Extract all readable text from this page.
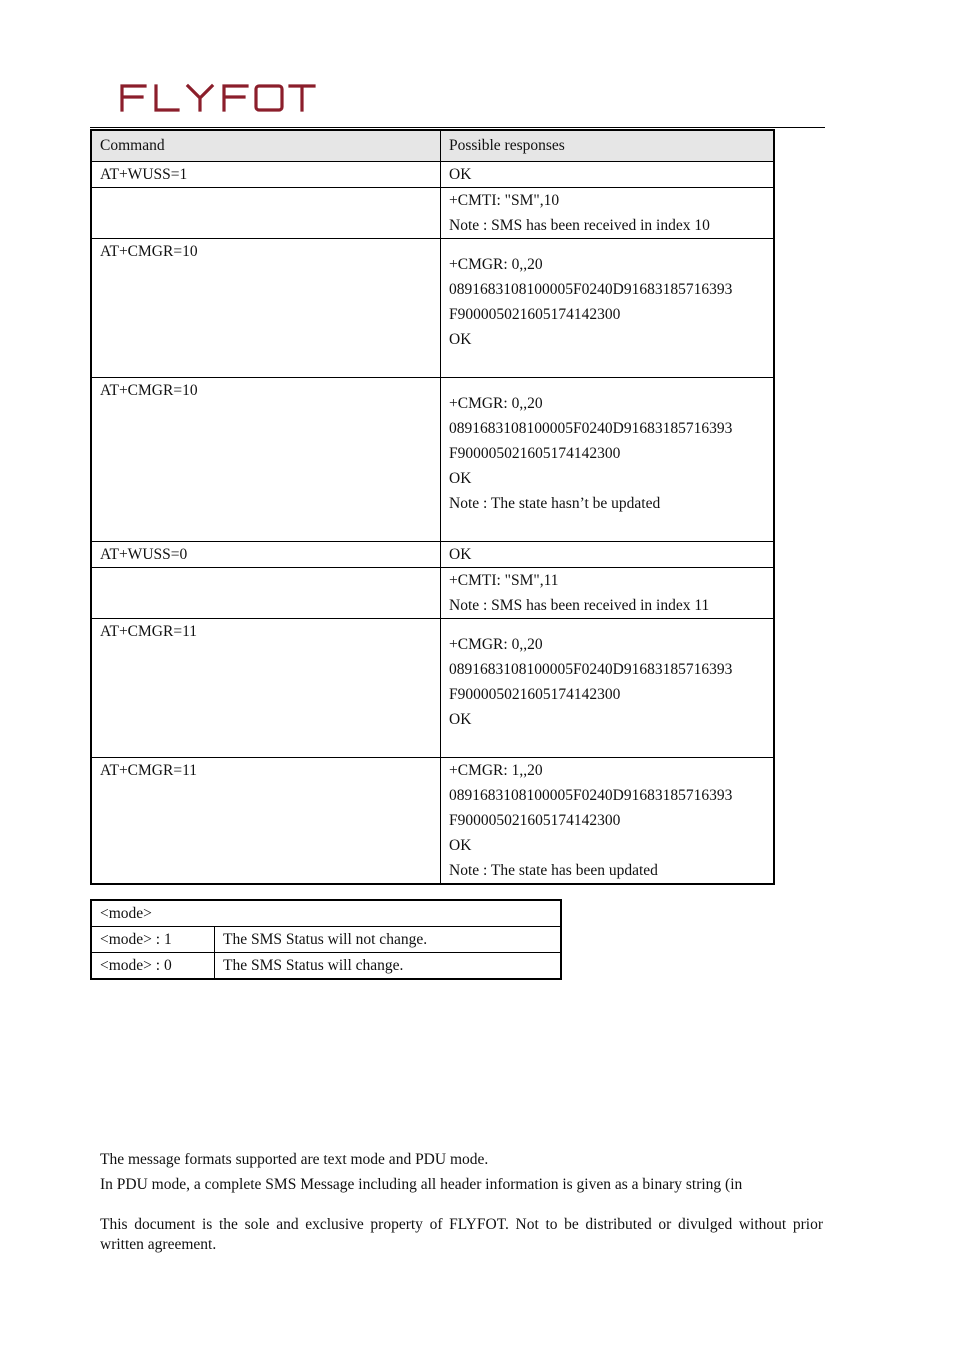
Command	Possible responses
AT+WUSS=1	OK

	+CMTI: "SM",10
Note : SMS has been received in index 10

AT+CMGR=10	+CMGR: 0,,20
0891683108100005F0240D91683185716393
F900005021605174142300
OK

AT+CMGR=10	+CMGR: 0,,20
0891683108100005F0240D91683185716393
F900005021605174142300
OK
Note : The state hasn’t be updated

AT+WUSS=0	OK

	+CMTI: "SM",11
Note : SMS has been received in index 11

AT+CMGR=11	+CMGR: 0,,20
0891683108100005F0240D91683185716393
F900005021605174142300
OK

AT+CMGR=11	+CMGR: 1,,20
0891683108100005F0240D91683185716393
F900005021605174142300
OK
Note : The state has been updated
<mode>	
<mode> : 1	The SMS Status will not change.
<mode> : 0	The SMS Status will change.

The message formats supported are text mode and PDU mode.

In PDU mode, a complete SMS Message including all header information is given as a binary string (in

This document is the sole and exclusive property of FLYFOT. Not to be distributed or divulged without prior written agreement.
